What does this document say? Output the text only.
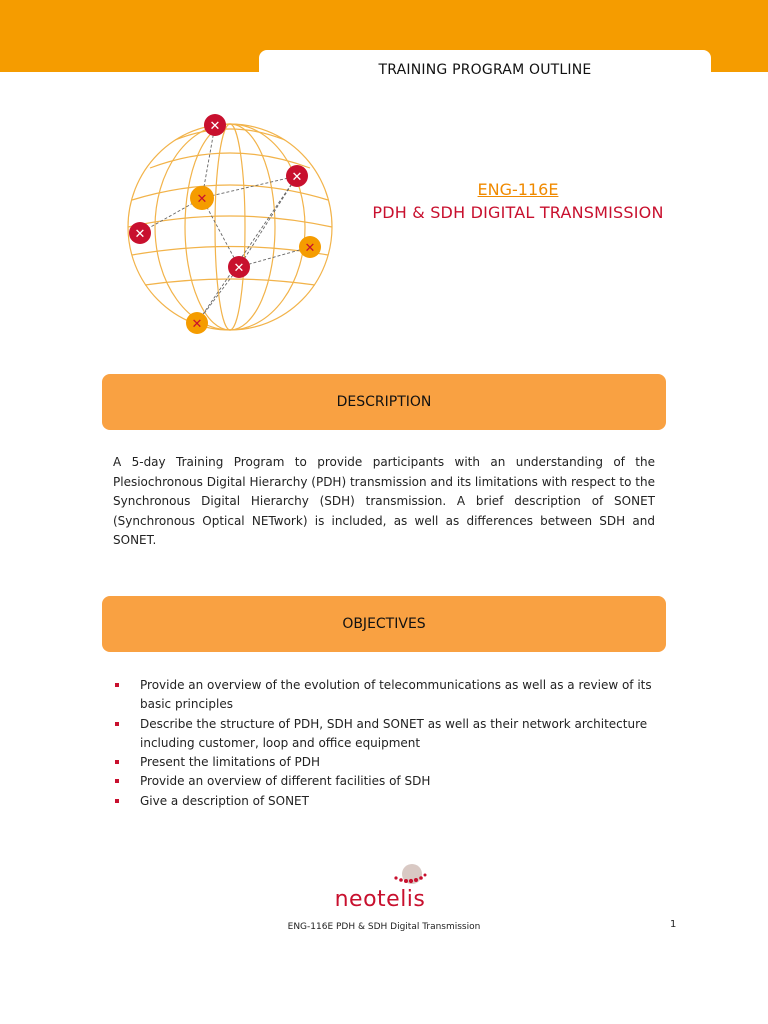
TRAINING PROGRAM OUTLINE
✕
✕
✕
✕
✕
✕
✕
ENG-116E
PDH & SDH DIGITAL TRANSMISSION
DESCRIPTION
A 5-day Training Program to provide participants with an understanding of the Plesiochronous Digital Hierarchy (PDH) transmission and its limitations with respect to the Synchronous Digital Hierarchy (SDH) transmission. A brief description of SONET (Synchronous Optical NETwork) is included, as well as differences between SDH and SONET.
OBJECTIVES
Provide an overview of the evolution of telecommunications as well as a review of its basic principles
Describe the structure of PDH, SDH and SONET as well as their network architecture including customer, loop and office equipment
Present the limitations of PDH
Provide an overview of different facilities of SDH
Give a description of SONET
neotelis
ENG-116E PDH & SDH Digital Transmission	1
